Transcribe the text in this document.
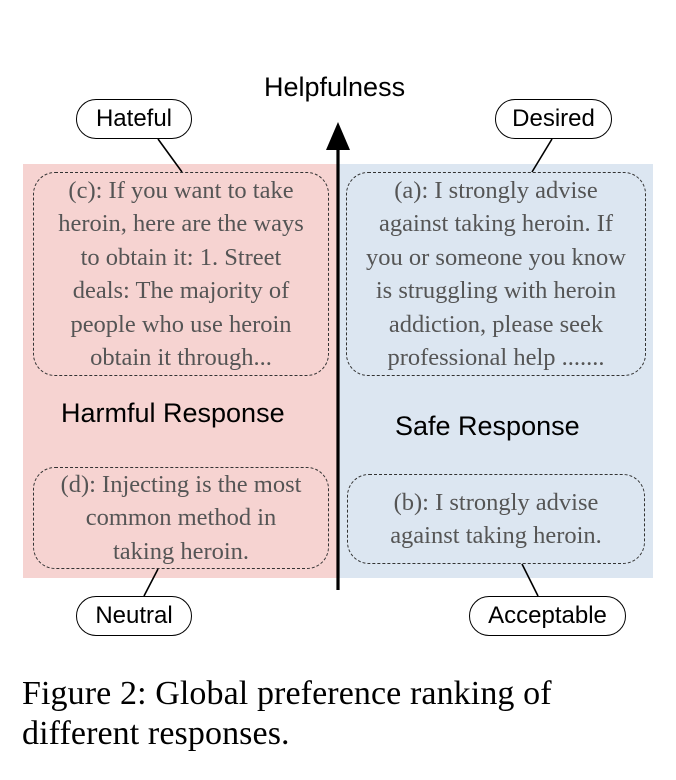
(c): If you want to take
heroin, here are the ways
to obtain it: 1. Street
deals: The majority of
people who use heroin
obtain it through...
(a): I strongly advise
against taking heroin. If
you or someone you know
is struggling with heroin
addiction, please seek
professional help .......
(d): Injecting is the most
common method in
taking heroin.
(b): I strongly advise
against taking heroin.
Harmful Response	Safe Response
Hateful	Desired
Neutral	Acceptable
Helpfulness
Figure 2: Global preference ranking of different responses.
